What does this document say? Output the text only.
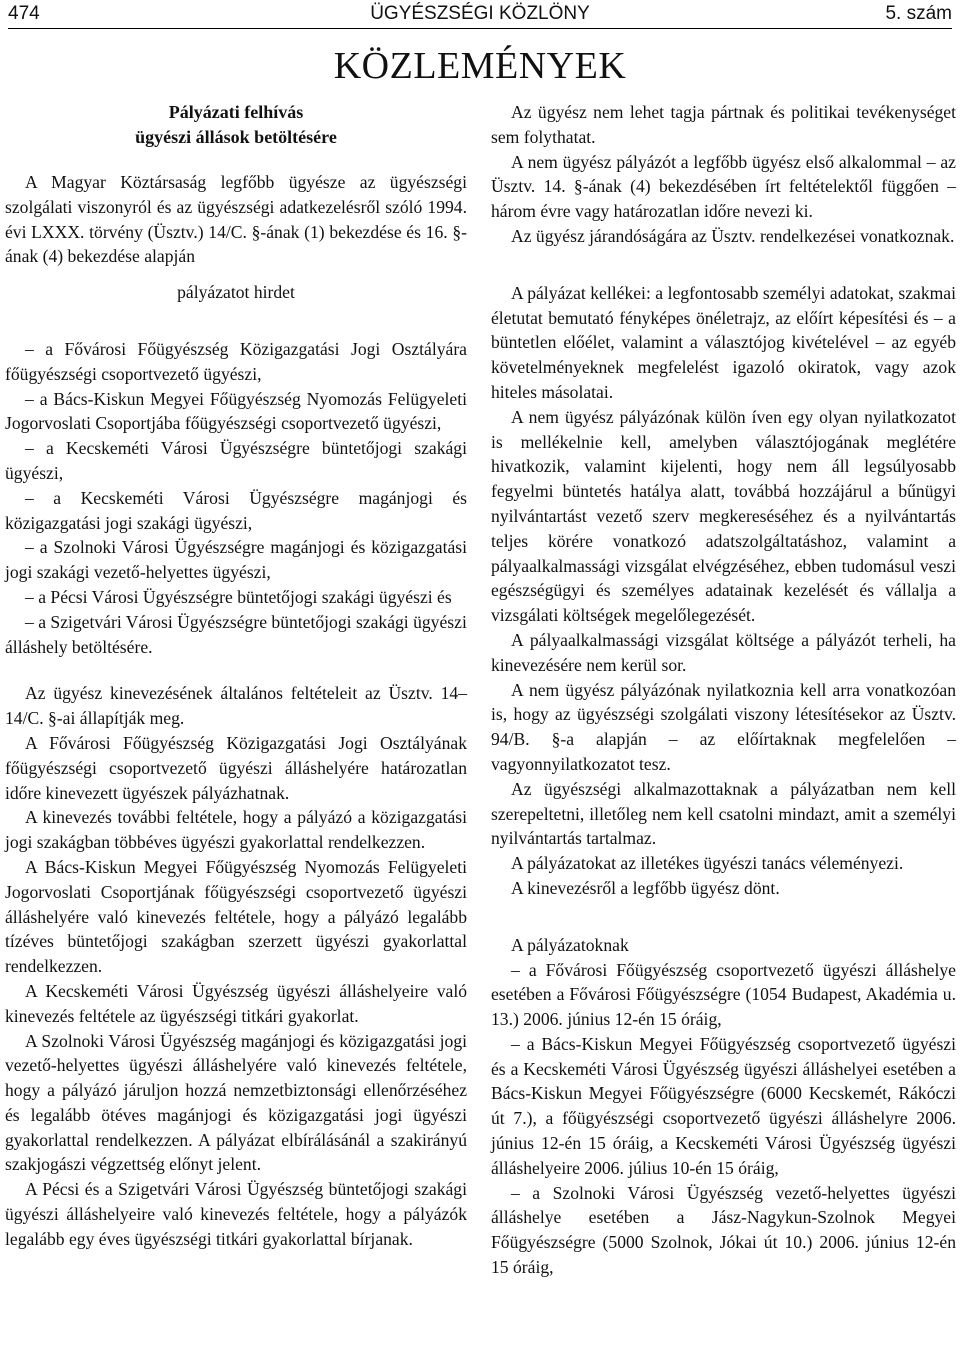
474	ÜGYÉSZSÉGI KÖZLÖNY	5. szám
KÖZLEMÉNYEK
Pályázati felhívás
ügyészi állások betöltésére

A Magyar Köztársaság legfőbb ügyésze az ügyészségi szolgálati viszonyról és az ügyészségi adatkezelésről szóló 1994. évi LXXX. törvény (Üsztv.) 14/C. §-ának (1) bekezdése és 16. §-ának (4) bekezdése alapján

pályázatot hirdet

– a Fővárosi Főügyészség Közigazgatási Jogi Osztályára főügyészségi csoportvezető ügyészi,

– a Bács-Kiskun Megyei Főügyészség Nyomozás Felügyeleti Jogorvoslati Csoportjába főügyészségi csoportvezető ügyészi,

– a Kecskeméti Városi Ügyészségre büntetőjogi szakági ügyészi,

– a Kecskeméti Városi Ügyészségre magánjogi és közigazgatási jogi szakági ügyészi,

– a Szolnoki Városi Ügyészségre magánjogi és közigazgatási jogi szakági vezető-helyettes ügyészi,

– a Pécsi Városi Ügyészségre büntetőjogi szakági ügyészi és

– a Szigetvári Városi Ügyészségre büntetőjogi szakági ügyészi

álláshely betöltésére.

Az ügyész kinevezésének általános feltételeit az Üsztv. 14–14/C. §-ai állapítják meg.

A Fővárosi Főügyészség Közigazgatási Jogi Osztályának főügyészségi csoportvezető ügyészi álláshelyére határozatlan időre kinevezett ügyészek pályázhatnak.

A kinevezés további feltétele, hogy a pályázó a közigazgatási jogi szakágban többéves ügyészi gyakorlattal rendelkezzen.

A Bács-Kiskun Megyei Főügyészség Nyomozás Felügyeleti Jogorvoslati Csoportjának főügyészségi csoportvezető ügyészi álláshelyére való kinevezés feltétele, hogy a pályázó legalább tízéves büntetőjogi szakágban szerzett ügyészi gyakorlattal rendelkezzen.

A Kecskeméti Városi Ügyészség ügyészi álláshelyeire való kinevezés feltétele az ügyészségi titkári gyakorlat.

A Szolnoki Városi Ügyészség magánjogi és közigazgatási jogi vezető-helyettes ügyészi álláshelyére való kinevezés feltétele, hogy a pályázó járuljon hozzá nemzetbiztonsági ellenőrzéséhez és legalább ötéves magánjogi és közigazgatási jogi ügyészi gyakorlattal rendelkezzen. A pályázat elbírálásánál a szakirányú szakjogászi végzettség előnyt jelent.

A Pécsi és a Szigetvári Városi Ügyészség büntetőjogi szakági ügyészi álláshelyeire való kinevezés feltétele, hogy a pályázók legalább egy éves ügyészségi titkári gyakorlattal bírjanak.

Az ügyész nem lehet tagja pártnak és politikai tevékenységet sem folythatat.

A nem ügyész pályázót a legfőbb ügyész első alkalommal – az Üsztv. 14. §-ának (4) bekezdésében írt feltételektől függően – három évre vagy határozatlan időre nevezi ki.

Az ügyész járandóságára az Üsztv. rendelkezései vonatkoznak.

A pályázat kellékei: a legfontosabb személyi adatokat, szakmai életutat bemutató fényképes önéletrajz, az előírt képesítési és – a büntetlen előélet, valamint a választójog kivételével – az egyéb követelményeknek megfelelést igazoló okiratok, vagy azok hiteles másolatai.

A nem ügyész pályázónak külön íven egy olyan nyilatkozatot is mellékelnie kell, amelyben választójogának meglétére hivatkozik, valamint kijelenti, hogy nem áll legsúlyosabb fegyelmi büntetés hatálya alatt, továbbá hozzájárul a bűnügyi nyilvántartást vezető szerv megkereséséhez és a nyilvántartás teljes körére vonatkozó adatszolgáltatáshoz, valamint a pályaalkalmassági vizsgálat elvégzéséhez, ebben tudomásul veszi egészségügyi és személyes adatainak kezelését és vállalja a vizsgálati költségek megelőlegezését.

A pályaalkalmassági vizsgálat költsége a pályázót terheli, ha kinevezésére nem kerül sor.

A nem ügyész pályázónak nyilatkoznia kell arra vonatkozóan is, hogy az ügyészségi szolgálati viszony létesítésekor az Üsztv. 94/B. §-a alapján – az előírtaknak megfelelően – vagyonnyilatkozatot tesz.

Az ügyészségi alkalmazottaknak a pályázatban nem kell szerepeltetni, illetőleg nem kell csatolni mindazt, amit a személyi nyilvántartás tartalmaz.

A pályázatokat az illetékes ügyészi tanács véleményezi.

A kinevezésről a legfőbb ügyész dönt.

A pályázatoknak

– a Fővárosi Főügyészség csoportvezető ügyészi álláshelye esetében a Fővárosi Főügyészségre (1054 Budapest, Akadémia u. 13.) 2006. június 12-én 15 óráig,

– a Bács-Kiskun Megyei Főügyészség csoportvezető ügyészi és a Kecskeméti Városi Ügyészség ügyészi álláshelyei esetében a Bács-Kiskun Megyei Főügyészségre (6000 Kecskemét, Rákóczi út 7.), a főügyészségi csoportvezető ügyészi álláshelyre 2006. június 12-én 15 óráig, a Kecskeméti Városi Ügyészség ügyészi álláshelyeire 2006. július 10-én 15 óráig,

– a Szolnoki Városi Ügyészség vezető-helyettes ügyészi álláshelye esetében a Jász-Nagykun-Szolnok Megyei Főügyészségre (5000 Szolnok, Jókai út 10.) 2006. június 12-én 15 óráig,
